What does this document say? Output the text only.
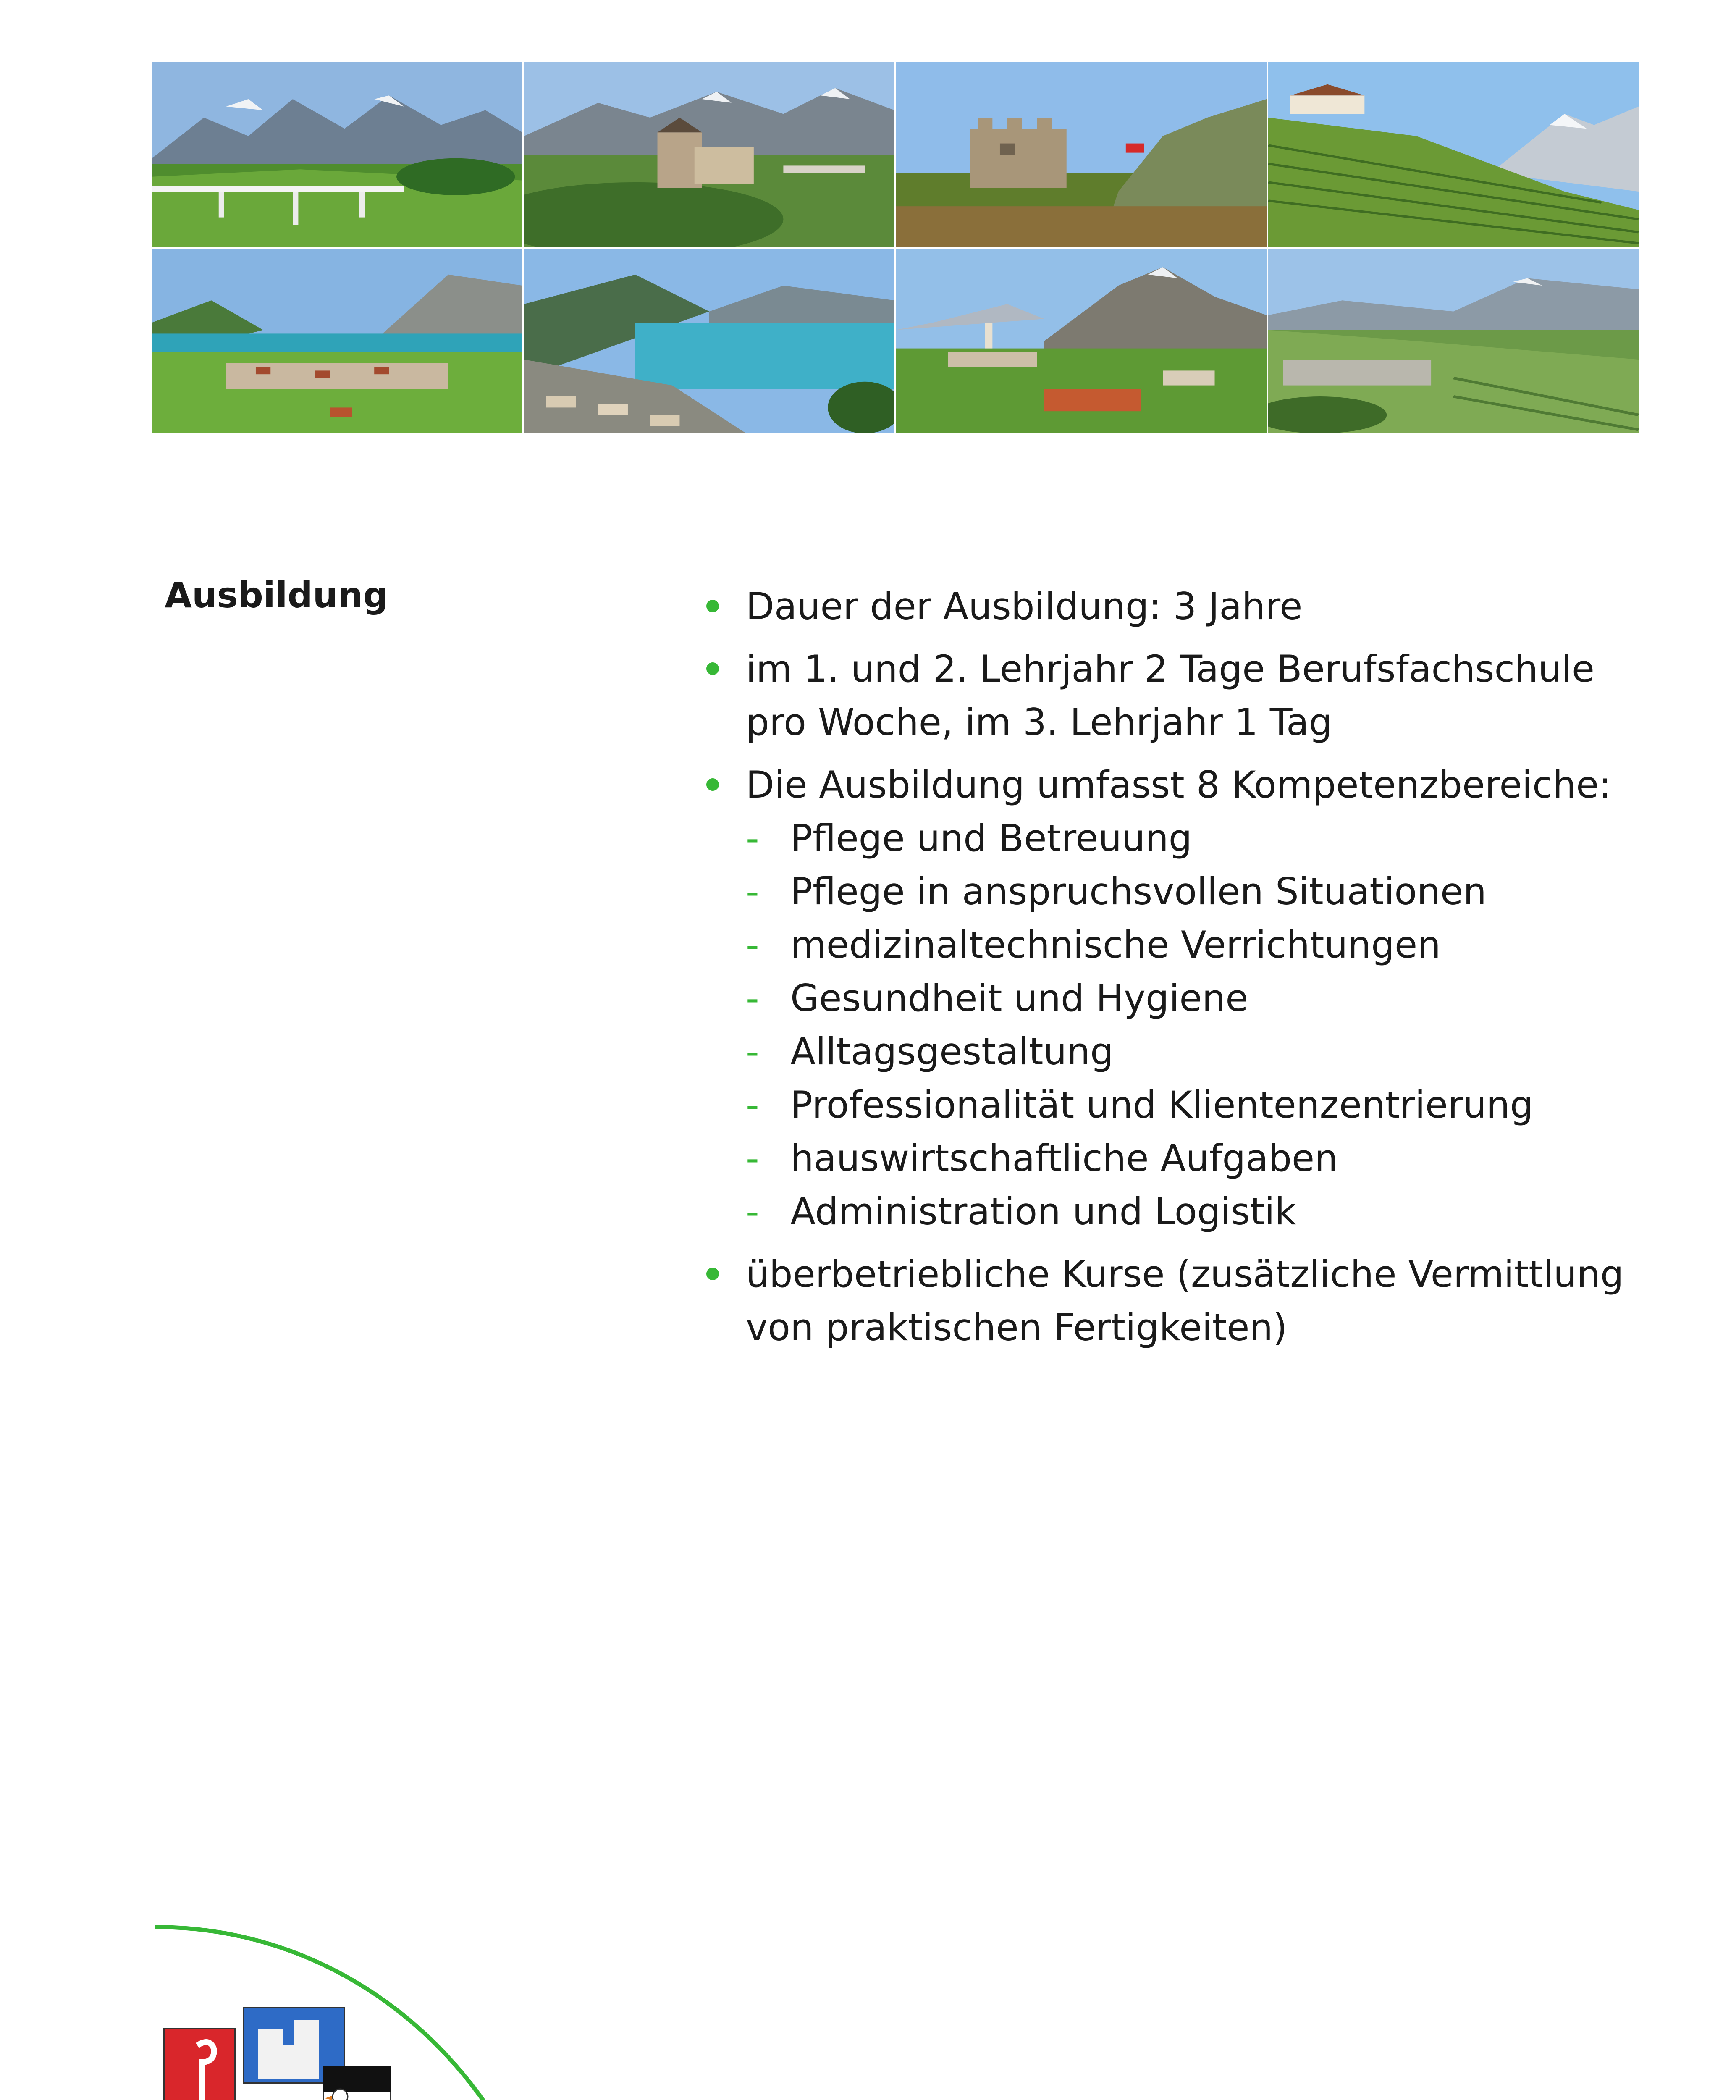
Ausbildung	Dauer der Ausbildung: 3 Jahre
im 1. und 2. Lehrjahr 2 Tage Berufsfachschule pro Woche, im 3. Lehrjahr 1 Tag
Die Ausbildung umfasst 8 Kompetenzbereiche:
- Pflege und Betreuung
- Pflege in anspruchsvollen Situationen
- medizinaltechnische Verrichtungen
- Gesundheit und Hygiene
- Alltagsgestaltung
- Professionalität und Klientenzentrierung
- hauswirtschaftliche Aufgaben
- Administration und Logistik
überbetriebliche Kurse (zusätzliche Vermittlung von praktischen Fertigkeiten)
